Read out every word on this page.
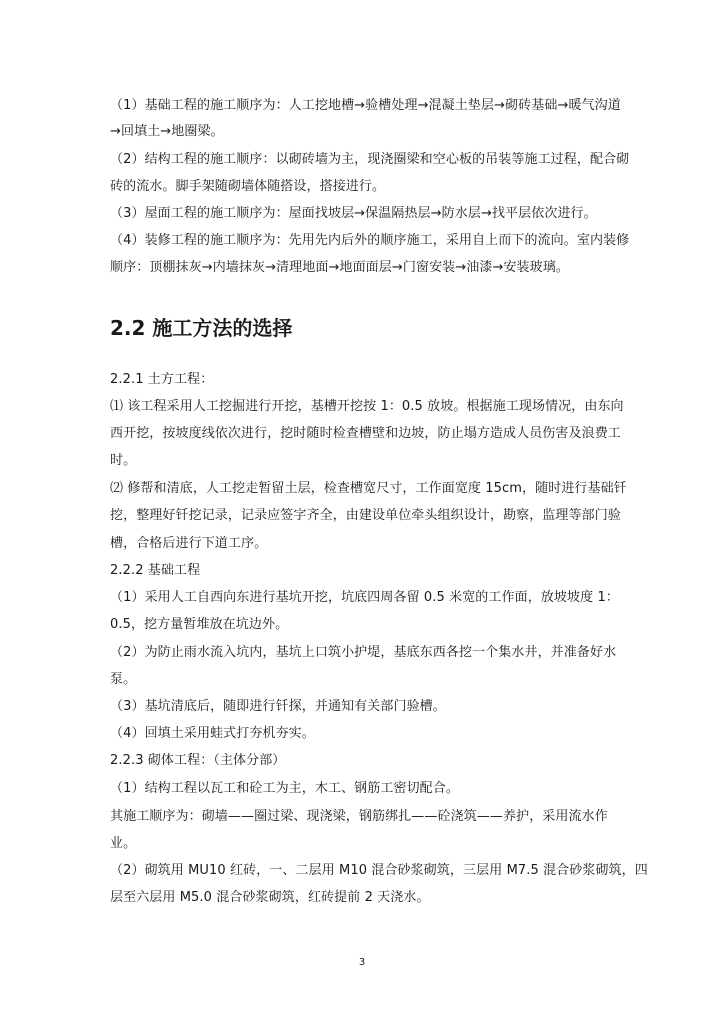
（1）基础工程的施工顺序为：人工挖地槽→验槽处理→混凝土垫层→砌砖基础→暖气沟道
→回填土→地圈梁。
（2）结构工程的施工顺序：以砌砖墙为主，现浇圈梁和空心板的吊装等施工过程，配合砌
砖的流水。脚手架随砌墙体随搭设，搭接进行。
（3）屋面工程的施工顺序为：屋面找坡层→保温隔热层→防水层→找平层依次进行。
（4）装修工程的施工顺序为：先用先内后外的顺序施工，采用自上而下的流向。室内装修
顺序：顶棚抹灰→内墙抹灰→清理地面→地面面层→门窗安装→油漆→安装玻璃。
2.2 施工方法的选择
2.2.1 土方工程：
⑴ 该工程采用人工挖掘进行开挖，基槽开挖按 1：0.5 放坡。根据施工现场情况，由东向
西开挖，按坡度线依次进行，挖时随时检查槽壁和边坡，防止塌方造成人员伤害及浪费工
时。
⑵ 修帮和清底，人工挖走暂留土层，检查槽宽尺寸，工作面宽度 15cm，随时进行基础钎
挖，整理好钎挖记录，记录应签字齐全，由建设单位牵头组织设计，勘察，监理等部门验
槽，合格后进行下道工序。
2.2.2 基础工程
（1）采用人工自西向东进行基坑开挖，坑底四周各留 0.5 米宽的工作面，放坡坡度 1：
0.5，挖方量暂堆放在坑边外。
（2）为防止雨水流入坑内，基坑上口筑小护堤，基底东西各挖一个集水井，并准备好水
泵。
（3）基坑清底后，随即进行钎探，并通知有关部门验槽。
（4）回填土采用蛙式打夯机夯实。
2.2.3 砌体工程：（主体分部）
（1）结构工程以瓦工和砼工为主，木工、钢筋工密切配合。
其施工顺序为：砌墙——圈过梁、现浇梁，钢筋绑扎——砼浇筑——养护，采用流水作
业。
（2）砌筑用 MU10 红砖，一、二层用 M10 混合砂浆砌筑，三层用 M7.5 混合砂浆砌筑，四
层至六层用 M5.0 混合砂浆砌筑，红砖提前 2 天浇水。
3
